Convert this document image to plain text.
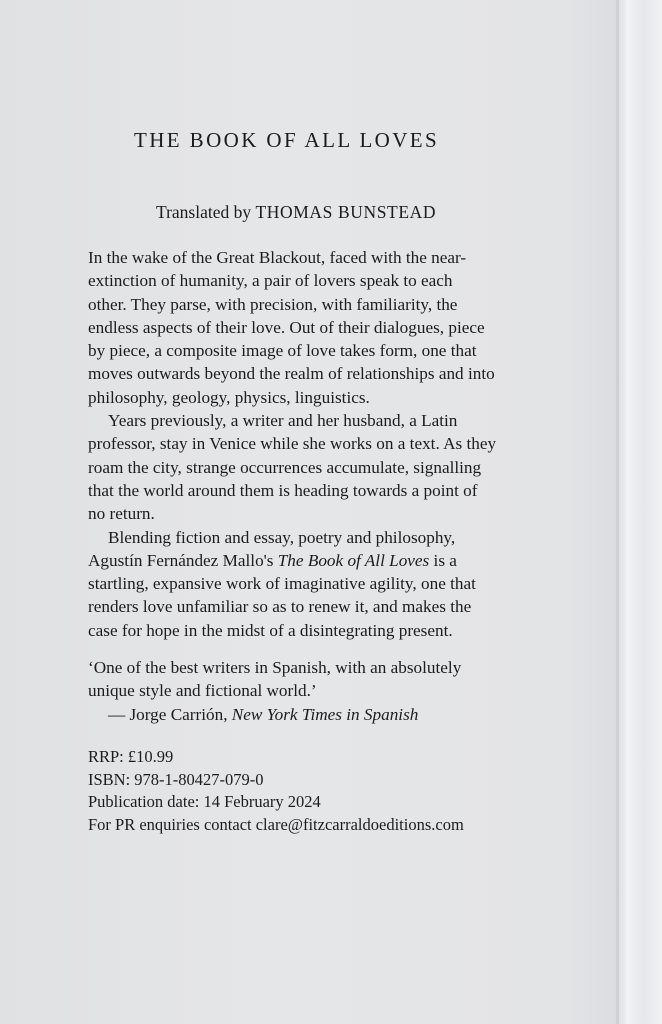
THE BOOK OF ALL LOVES
Translated by THOMAS BUNSTEAD

In the wake of the Great Blackout, faced with the near-
extinction of humanity, a pair of lovers speak to each
other. They parse, with precision, with familiarity, the
endless aspects of their love. Out of their dialogues, piece
by piece, a composite image of love takes form, one that
moves outwards beyond the realm of relationships and into
philosophy, geology, physics, linguistics.

Years previously, a writer and her husband, a Latin
professor, stay in Venice while she works on a text. As they
roam the city, strange occurrences accumulate, signalling
that the world around them is heading towards a point of
no return.

Blending fiction and essay, poetry and philosophy,
Agustín Fernández Mallo's The Book of All Loves is a
startling, expansive work of imaginative agility, one that
renders love unfamiliar so as to renew it, and makes the
case for hope in the midst of a disintegrating present.

‘One of the best writers in Spanish, with an absolutely
unique style and fictional world.’
— Jorge Carrión, New York Times in Spanish
RRP: £10.99
ISBN: 978-1-80427-079-0
Publication date: 14 February 2024
For PR enquiries contact clare@fitzcarraldoeditions.com
